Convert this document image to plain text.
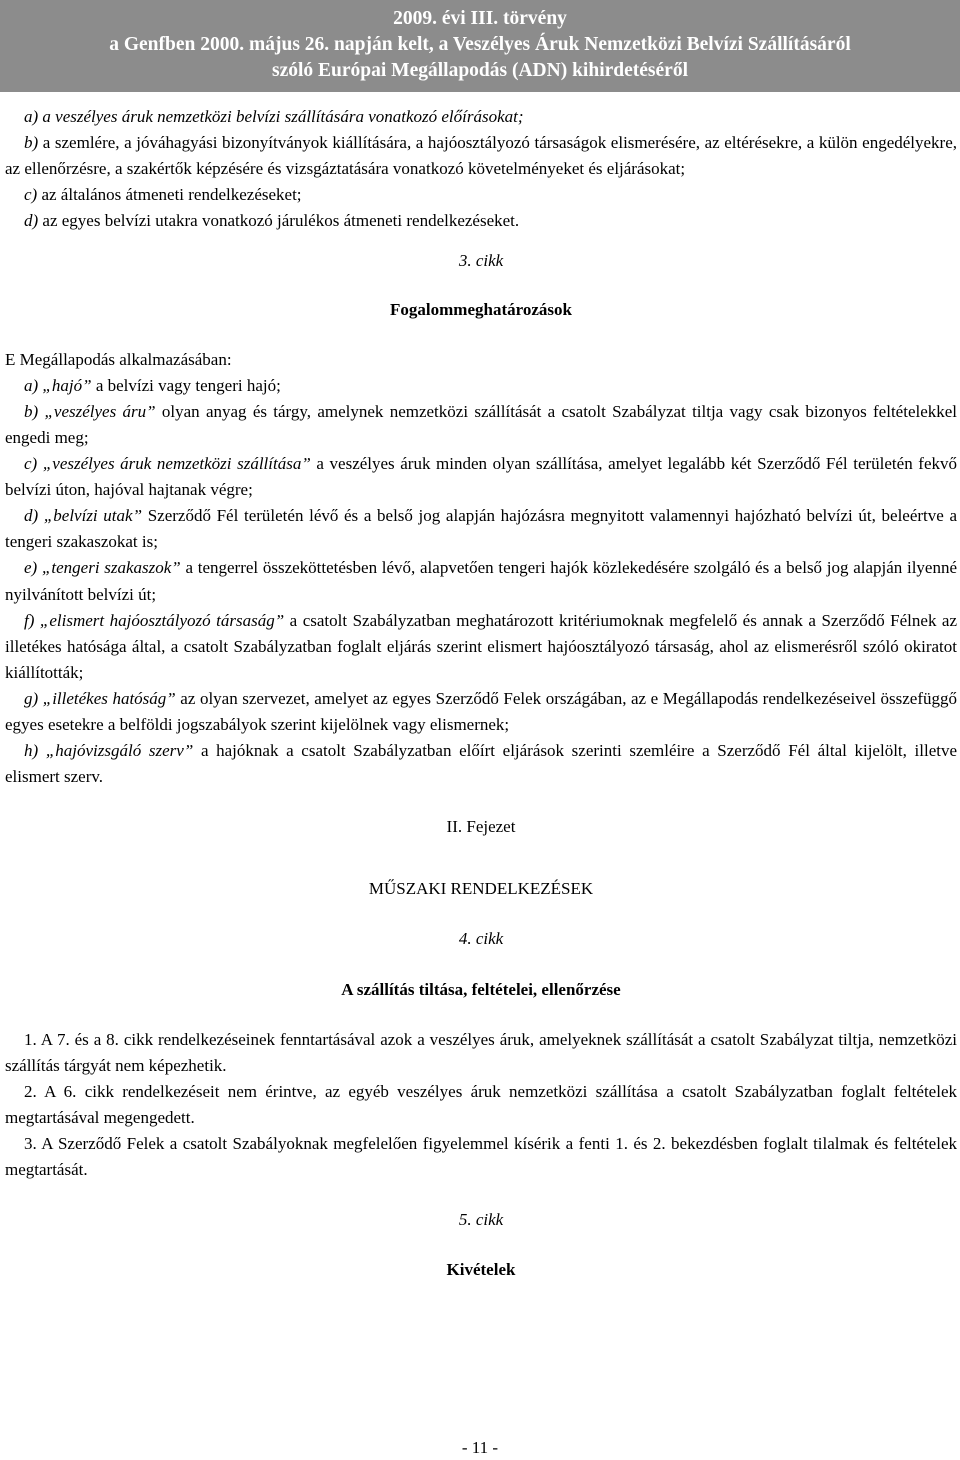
2009. évi III. törvény
a Genfben 2000. május 26. napján kelt, a Veszélyes Áruk Nemzetközi Belvízi Szállításáról
szóló Európai Megállapodás (ADN) kihirdetéséről

a) a veszélyes áruk nemzetközi belvízi szállítására vonatkozó előírásokat;

b) a szemlére, a jóváhagyási bizonyítványok kiállítására, a hajóosztályozó társaságok elismerésére, az eltérésekre, a külön engedélyekre, az ellenőrzésre, a szakértők képzésére és vizsgáztatására vonatkozó követelményeket és eljárásokat;

c) az általános átmeneti rendelkezéseket;

d) az egyes belvízi utakra vonatkozó járulékos átmeneti rendelkezéseket.

3. cikk

Fogalommeghatározások

E Megállapodás alkalmazásában:

a) „hajó” a belvízi vagy tengeri hajó;

b) „veszélyes áru” olyan anyag és tárgy, amelynek nemzetközi szállítását a csatolt Szabályzat tiltja vagy csak bizonyos feltételekkel engedi meg;

c) „veszélyes áruk nemzetközi szállítása” a veszélyes áruk minden olyan szállítása, amelyet legalább két Szerződő Fél területén fekvő belvízi úton, hajóval hajtanak végre;

d) „belvízi utak” Szerződő Fél területén lévő és a belső jog alapján hajózásra megnyitott valamennyi hajózható belvízi út, beleértve a tengeri szakaszokat is;

e) „tengeri szakaszok” a tengerrel összeköttetésben lévő, alapvetően tengeri hajók közlekedésére szolgáló és a belső jog alapján ilyenné nyilvánított belvízi út;

f) „elismert hajóosztályozó társaság” a csatolt Szabályzatban meghatározott kritériumoknak megfelelő és annak a Szerződő Félnek az illetékes hatósága által, a csatolt Szabályzatban foglalt eljárás szerint elismert hajóosztályozó társaság, ahol az elismerésről szóló okiratot kiállították;

g) „illetékes hatóság” az olyan szervezet, amelyet az egyes Szerződő Felek országában, az e Megállapodás rendelkezéseivel összefüggő egyes esetekre a belföldi jogszabályok szerint kijelölnek vagy elismernek;

h) „hajóvizsgáló szerv” a hajóknak a csatolt Szabályzatban előírt eljárások szerinti szemléire a Szerződő Fél által kijelölt, illetve elismert szerv.

II. Fejezet

MŰSZAKI RENDELKEZÉSEK

4. cikk

A szállítás tiltása, feltételei, ellenőrzése

1. A 7. és a 8. cikk rendelkezéseinek fenntartásával azok a veszélyes áruk, amelyeknek szállítását a csatolt Szabályzat tiltja, nemzetközi szállítás tárgyát nem képezhetik.

2. A 6. cikk rendelkezéseit nem érintve, az egyéb veszélyes áruk nemzetközi szállítása a csatolt Szabályzatban foglalt feltételek megtartásával megengedett.

3. A Szerződő Felek a csatolt Szabályoknak megfelelően figyelemmel kísérik a fenti 1. és 2. bekezdésben foglalt tilalmak és feltételek megtartását.

5. cikk

Kivételek

- 11 -
